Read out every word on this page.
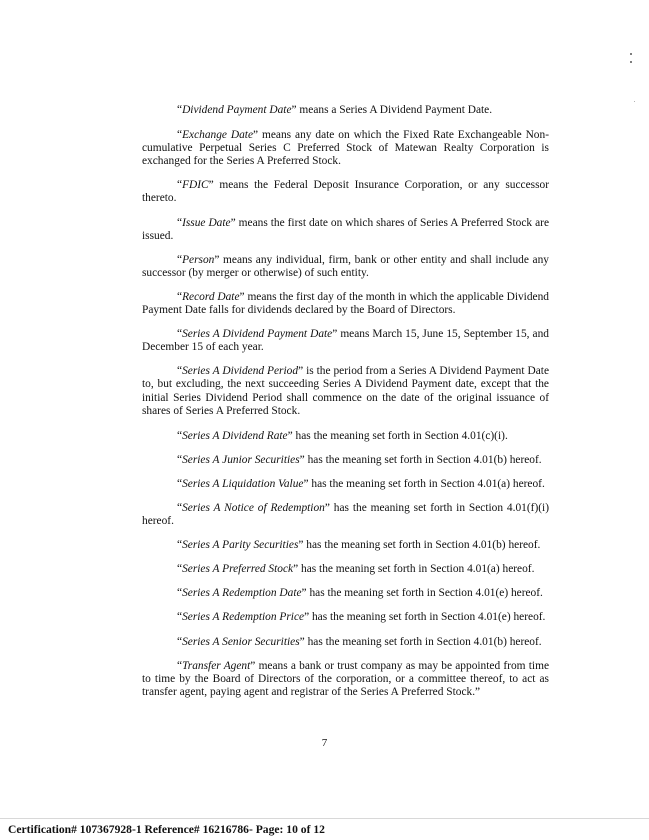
“Dividend Payment Date” means a Series A Dividend Payment Date.

“Exchange Date” means any date on which the Fixed Rate Exchangeable Non-cumulative Perpetual Series C Preferred Stock of Matewan Realty Corporation is exchanged for the Series A Preferred Stock.

“FDIC” means the Federal Deposit Insurance Corporation, or any successor thereto.

“Issue Date” means the first date on which shares of Series A Preferred Stock are issued.

“Person” means any individual, firm, bank or other entity and shall include any successor (by merger or otherwise) of such entity.

“Record Date” means the first day of the month in which the applicable Dividend Payment Date falls for dividends declared by the Board of Directors.

“Series A Dividend Payment Date” means March 15, June 15, September 15, and December 15 of each year.

“Series A Dividend Period” is the period from a Series A Dividend Payment Date to, but excluding, the next succeeding Series A Dividend Payment date, except that the initial Series Dividend Period shall commence on the date of the original issuance of shares of Series A Preferred Stock.

“Series A Dividend Rate” has the meaning set forth in Section 4.01(c)(i).

“Series A Junior Securities” has the meaning set forth in Section 4.01(b) hereof.

“Series A Liquidation Value” has the meaning set forth in Section 4.01(a) hereof.

“Series A Notice of Redemption” has the meaning set forth in Section 4.01(f)(i) hereof.

“Series A Parity Securities” has the meaning set forth in Section 4.01(b) hereof.

“Series A Preferred Stock” has the meaning set forth in Section 4.01(a) hereof.

“Series A Redemption Date” has the meaning set forth in Section 4.01(e) hereof.

“Series A Redemption Price” has the meaning set forth in Section 4.01(e) hereof.

“Series A Senior Securities” has the meaning set forth in Section 4.01(b) hereof.

“Transfer Agent” means a bank or trust company as may be appointed from time to time by the Board of Directors of the corporation, or a committee thereof, to act as transfer agent, paying agent and registrar of the Series A Preferred Stock.”

7
Certification# 107367928-1 Reference# 16216786- Page: 10 of 12
